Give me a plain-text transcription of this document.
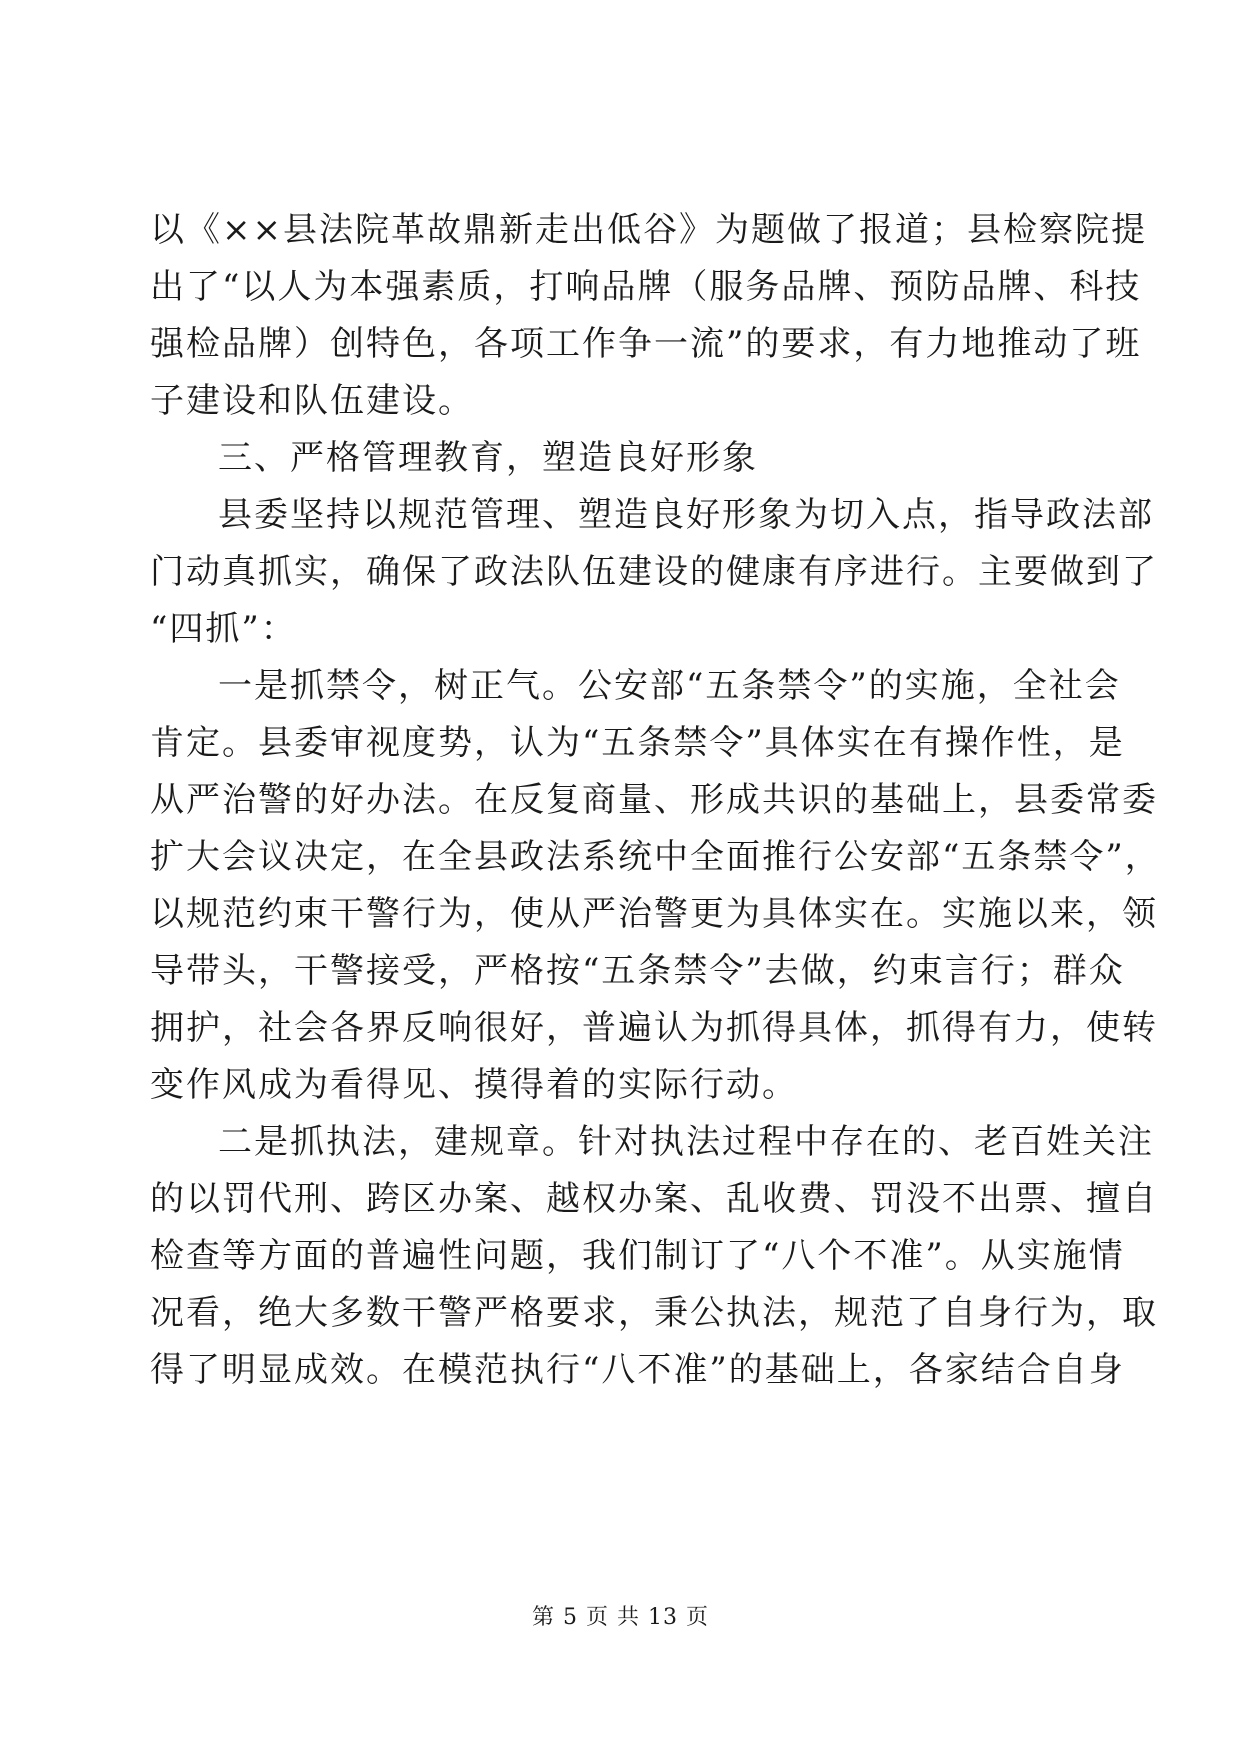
以《××县法院革故鼎新走出低谷》为题做了报道；县检察院提
出了“以人为本强素质，打响品牌（服务品牌、预防品牌、科技
强检品牌）创特色，各项工作争一流”的要求，有力地推动了班
子建设和队伍建设。
三、严格管理教育，塑造良好形象
县委坚持以规范管理、塑造良好形象为切入点，指导政法部
门动真抓实，确保了政法队伍建设的健康有序进行。主要做到了
“四抓”：
一是抓禁令，树正气。公安部“五条禁令”的实施，全社会
肯定。县委审视度势，认为“五条禁令”具体实在有操作性，是
从严治警的好办法。在反复商量、形成共识的基础上，县委常委
扩大会议决定，在全县政法系统中全面推行公安部“五条禁令”，
以规范约束干警行为，使从严治警更为具体实在。实施以来，领
导带头，干警接受，严格按“五条禁令”去做，约束言行；群众
拥护，社会各界反响很好，普遍认为抓得具体，抓得有力，使转
变作风成为看得见、摸得着的实际行动。
二是抓执法，建规章。针对执法过程中存在的、老百姓关注
的以罚代刑、跨区办案、越权办案、乱收费、罚没不出票、擅自
检查等方面的普遍性问题，我们制订了“八个不准”。从实施情
况看，绝大多数干警严格要求，秉公执法，规范了自身行为，取
得了明显成效。在模范执行“八不准”的基础上，各家结合自身
第 5 页 共 13 页
